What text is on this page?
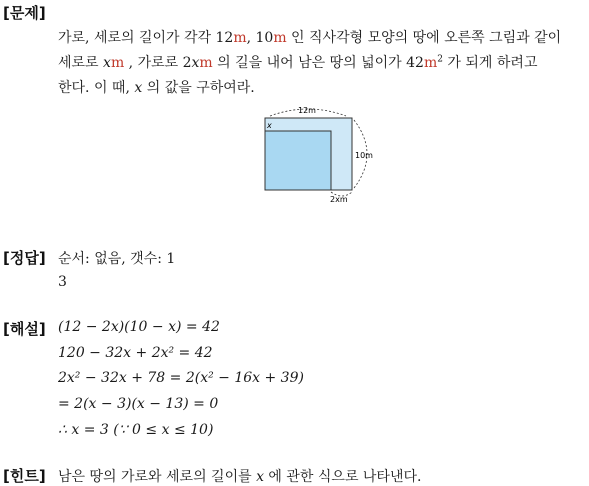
[문제]
가로, 세로의 길이가 각각 12m, 10m 인 직사각형 모양의 땅에 오른쪽 그림과 같이
세로로 xm , 가로로 2xm 의 길을 내어 남은 땅의 넓이가 $42m^2$ 가 되게 하려고
한다. 이 때, x 의 값을 구하여라.
12m
10m
2xm
x
[정답] 순서: 없음, 갯수: 1
3
[해설] (12 − 2x)(10 − x) = 42
120 − 32x + 2x² = 42
2x² − 32x + 78 = 2(x² − 16x + 39)
= 2(x − 3)(x − 13) = 0
∴ x = 3 (∵ 0 ≤ x ≤ 10)
[힌트] 남은 땅의 가로와 세로의 길이를 x 에 관한 식으로 나타낸다.
